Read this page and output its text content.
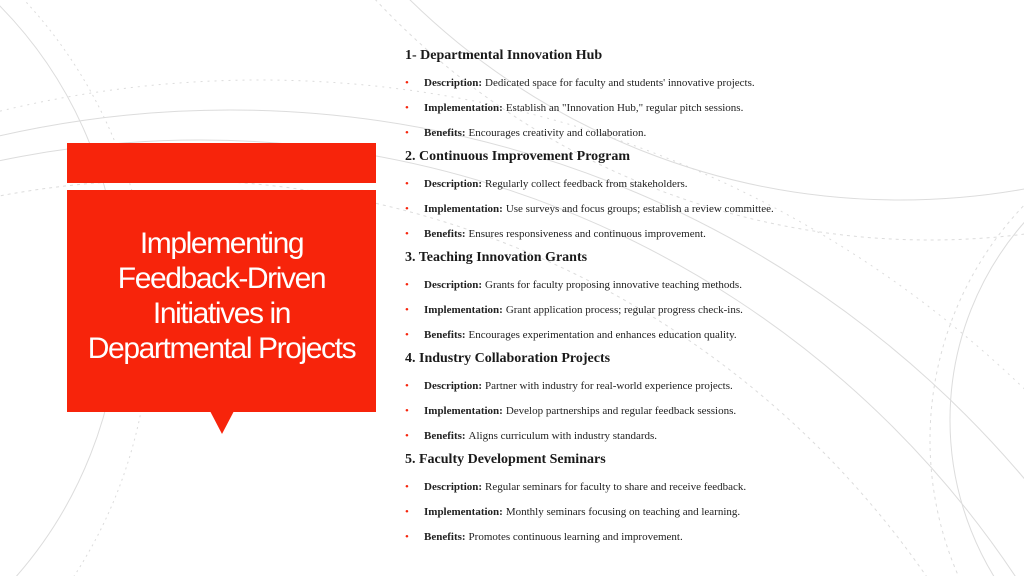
Implementing Feedback-Driven Initiatives in Departmental Projects
1- Departmental Innovation Hub
• Description: Dedicated space for faculty and students' innovative projects.
• Implementation: Establish an "Innovation Hub," regular pitch sessions.
• Benefits: Encourages creativity and collaboration.
2. Continuous Improvement Program
• Description: Regularly collect feedback from stakeholders.
• Implementation: Use surveys and focus groups; establish a review committee.
• Benefits: Ensures responsiveness and continuous improvement.
3. Teaching Innovation Grants
• Description: Grants for faculty proposing innovative teaching methods.
• Implementation: Grant application process; regular progress check-ins.
• Benefits: Encourages experimentation and enhances education quality.
4. Industry Collaboration Projects
• Description: Partner with industry for real-world experience projects.
• Implementation: Develop partnerships and regular feedback sessions.
• Benefits: Aligns curriculum with industry standards.
5. Faculty Development Seminars
• Description: Regular seminars for faculty to share and receive feedback.
• Implementation: Monthly seminars focusing on teaching and learning.
• Benefits: Promotes continuous learning and improvement.
